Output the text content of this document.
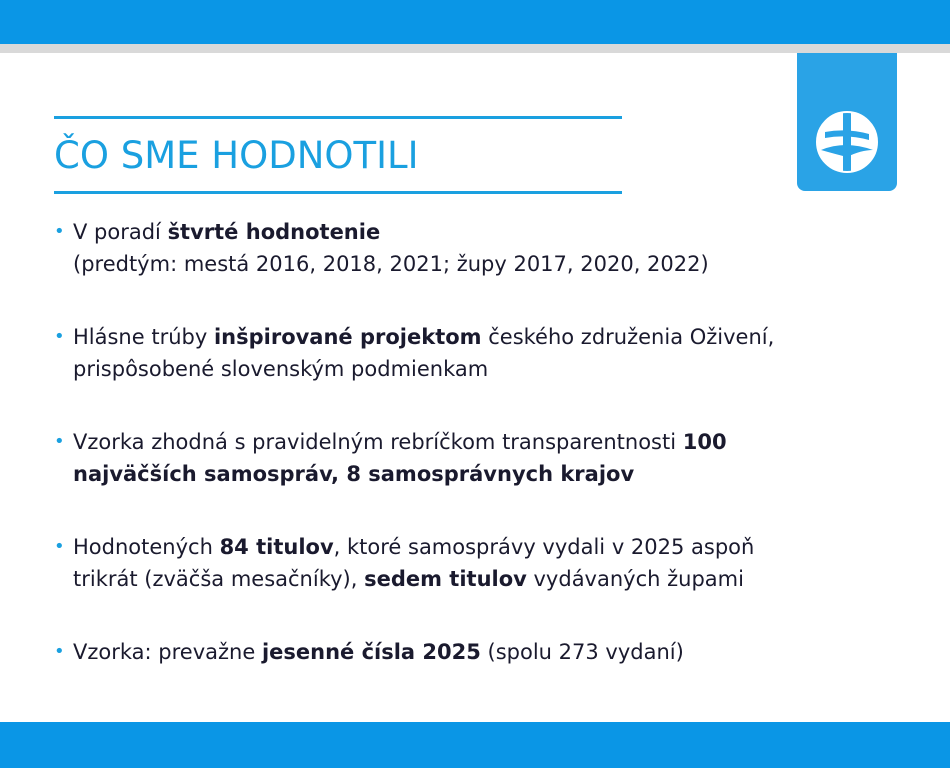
ČO SME HODNOTILI
• V poradí štvrté hodnotenie
(predtým: mestá 2016, 2018, 2021; župy 2017, 2020, 2022)
• Hlásne trúby inšpirované projektom českého združenia Oživení,
prispôsobené slovenským podmienkam
• Vzorka zhodná s pravidelným rebríčkom transparentnosti 100
najväčších samospráv, 8 samosprávnych krajov
• Hodnotených 84 titulov, ktoré samosprávy vydali v 2025 aspoň
trikrát (zväčša mesačníky), sedem titulov vydávaných župami
• Vzorka: prevažne jesenné čísla 2025 (spolu 273 vydaní)
